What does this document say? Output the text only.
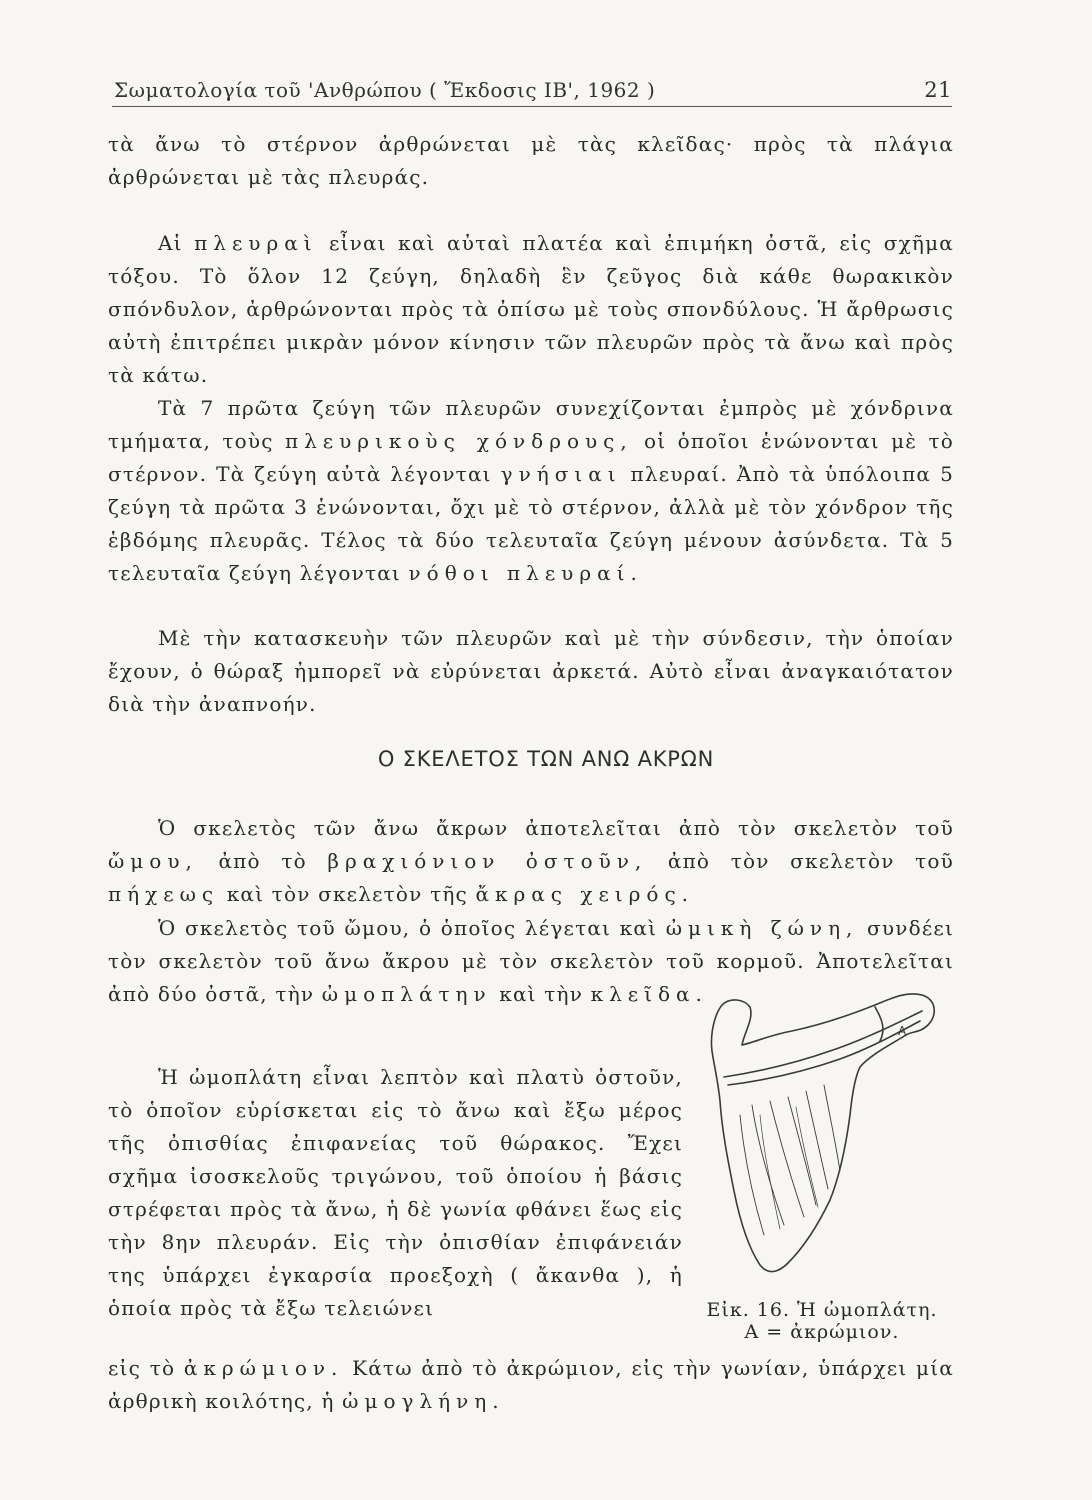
Σωματολογία τοῦ 'Ανθρώπου ( Ἔκδοσις ΙΒ', 1962 )	21

τὰ ἄνω τὸ στέρνον ἀρθρώνεται μὲ τὰς κλεῖδας· πρὸς τὰ πλάγια ἀρθρώνεται μὲ τὰς πλευράς.

Αἱ πλευραὶ εἶναι καὶ αὐταὶ πλατέα καὶ ἐπιμήκη ὀστᾶ, εἰς σχῆμα τόξου. Τὸ ὅλον 12 ζεύγη, δηλαδὴ ἓν ζεῦγος διὰ κάθε θωρακικὸν σπόνδυλον, ἀρθρώνονται πρὸς τὰ ὀπίσω μὲ τοὺς σπονδύλους. Ἡ ἄρθρωσις αὐτὴ ἐπιτρέπει μικρὰν μόνον κίνησιν τῶν πλευρῶν πρὸς τὰ ἄνω καὶ πρὸς τὰ κάτω.

Τὰ 7 πρῶτα ζεύγη τῶν πλευρῶν συνεχίζονται ἐμπρὸς μὲ χόνδρινα τμήματα, τοὺς πλευρικοὺς χόνδρους, οἱ ὁποῖοι ἑνώνονται μὲ τὸ στέρνον. Τὰ ζεύγη αὐτὰ λέγονται γνήσιαι πλευραί. Ἀπὸ τὰ ὑπόλοιπα 5 ζεύγη τὰ πρῶτα 3 ἑνώνονται, ὄχι μὲ τὸ στέρνον, ἀλλὰ μὲ τὸν χόνδρον τῆς ἑβδόμης πλευρᾶς. Τέλος τὰ δύο τελευταῖα ζεύγη μένουν ἀσύνδετα. Τὰ 5 τελευταῖα ζεύγη λέγονται νόθοι πλευραί.

Μὲ τὴν κατασκευὴν τῶν πλευρῶν καὶ μὲ τὴν σύνδεσιν, τὴν ὁποίαν ἔχουν, ὁ θώραξ ἠμπορεῖ νὰ εὐρύνεται ἀρκετά. Αὐτὸ εἶναι ἀναγκαιότατον διὰ τὴν ἀναπνοήν.

Ο ΣΚΕΛΕΤΟΣ ΤΩΝ ΑΝΩ ΑΚΡΩΝ

Ὁ σκελετὸς τῶν ἄνω ἄκρων ἀποτελεῖται ἀπὸ τὸν σκελετὸν τοῦ ὤμου, ἀπὸ τὸ βραχιόνιον ὀστοῦν, ἀπὸ τὸν σκελετὸν τοῦ πήχεως καὶ τὸν σκελετὸν τῆς ἄκρας χειρός.

Ὁ σκελετὸς τοῦ ὤμου, ὁ ὁποῖος λέγεται καὶ ὠμικὴ ζώνη, συνδέει τὸν σκελετὸν τοῦ ἄνω ἄκρου μὲ τὸν σκελετὸν τοῦ κορμοῦ. Ἀποτελεῖται ἀπὸ δύο ὀστᾶ, τὴν ὠμοπλάτην καὶ τὴν κλεῖδα.

Ἡ ὠμοπλάτη εἶναι λεπτὸν καὶ πλατὺ ὀστοῦν, τὸ ὁποῖον εὑρίσκεται εἰς τὸ ἄνω καὶ ἔξω μέρος τῆς ὀπισθίας ἐπιφανείας τοῦ θώρακος. Ἔχει σχῆμα ἰσοσκελοῦς τριγώνου, τοῦ ὁποίου ἡ βάσις στρέφεται πρὸς τὰ ἄνω, ἡ δὲ γωνία φθάνει ἕως εἰς τὴν 8ην πλευράν. Εἰς τὴν ὀπισθίαν ἐπιφάνειάν της ὑπάρχει ἐγκαρσία προεξοχὴ ( ἄκανθα ), ἡ ὁποία πρὸς τὰ ἔξω τελειώνει

A
Εἰκ. 16. Ἡ ὠμοπλάτη.
Α = ἀκρώμιον.

εἰς τὸ ἀκρώμιον. Κάτω ἀπὸ τὸ ἀκρώμιον, εἰς τὴν γωνίαν, ὑπάρχει μία ἀρθρικὴ κοιλότης, ἡ ὠμογλήνη.
